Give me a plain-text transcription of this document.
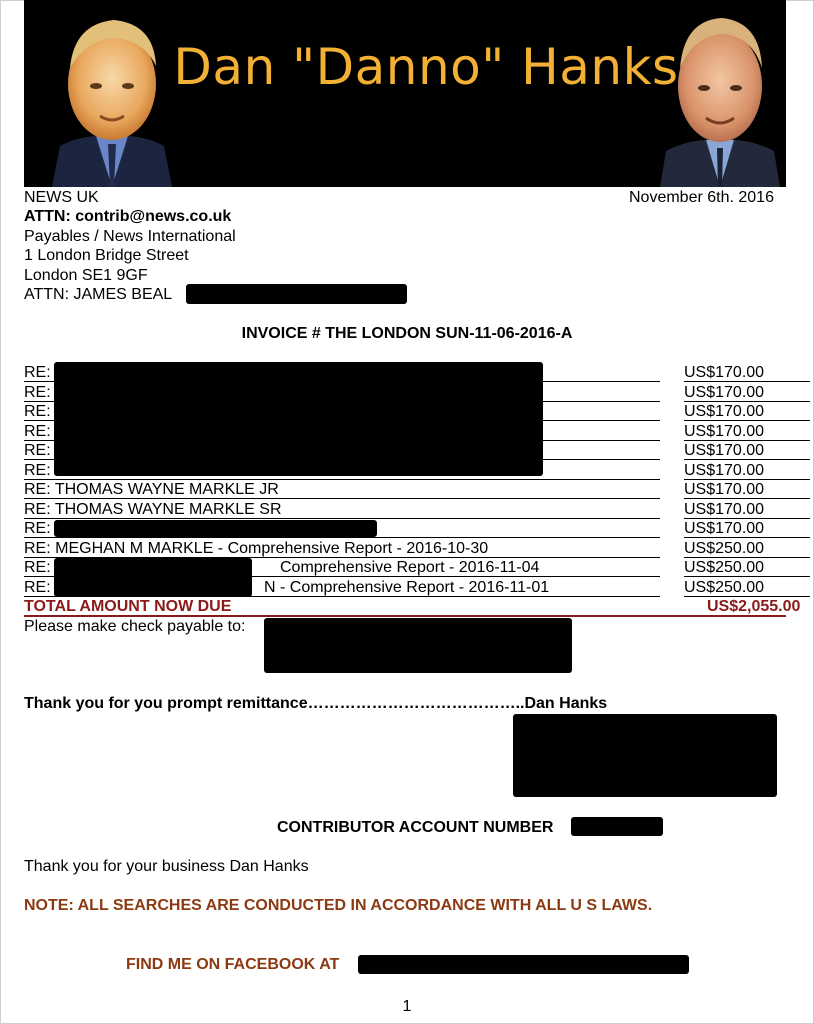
Dan "Danno" Hanks
NEWS UK	November 6th. 2016
ATTN: contrib@news.co.uk
Payables / News International
1 London Bridge Street
London SE1 9GF
ATTN: JAMES BEAL
INVOICE # THE LONDON SUN-11-06-2016-A
RE:	US$170.00
RE:	US$170.00
RE:	US$170.00
RE:	US$170.00
RE:	US$170.00
RE:	US$170.00
RE: THOMAS WAYNE MARKLE JR	US$170.00
RE: THOMAS WAYNE MARKLE SR	US$170.00
RE:	US$170.00
RE: MEGHAN M MARKLE - Comprehensive Report - 2016-10-30	US$250.00
RE:	Comprehensive Report - 2016-11-04	US$250.00
RE:	N - Comprehensive Report - 2016-11-01	US$250.00
TOTAL AMOUNT NOW DUE	US$2,055.00
Please make check payable to:
Thank you for you prompt remittance…………………………………..Dan Hanks
CONTRIBUTOR ACCOUNT NUMBER
Thank you for your business Dan Hanks
NOTE: ALL SEARCHES ARE CONDUCTED IN ACCORDANCE WITH ALL U S LAWS.
FIND ME ON FACEBOOK AT
1
